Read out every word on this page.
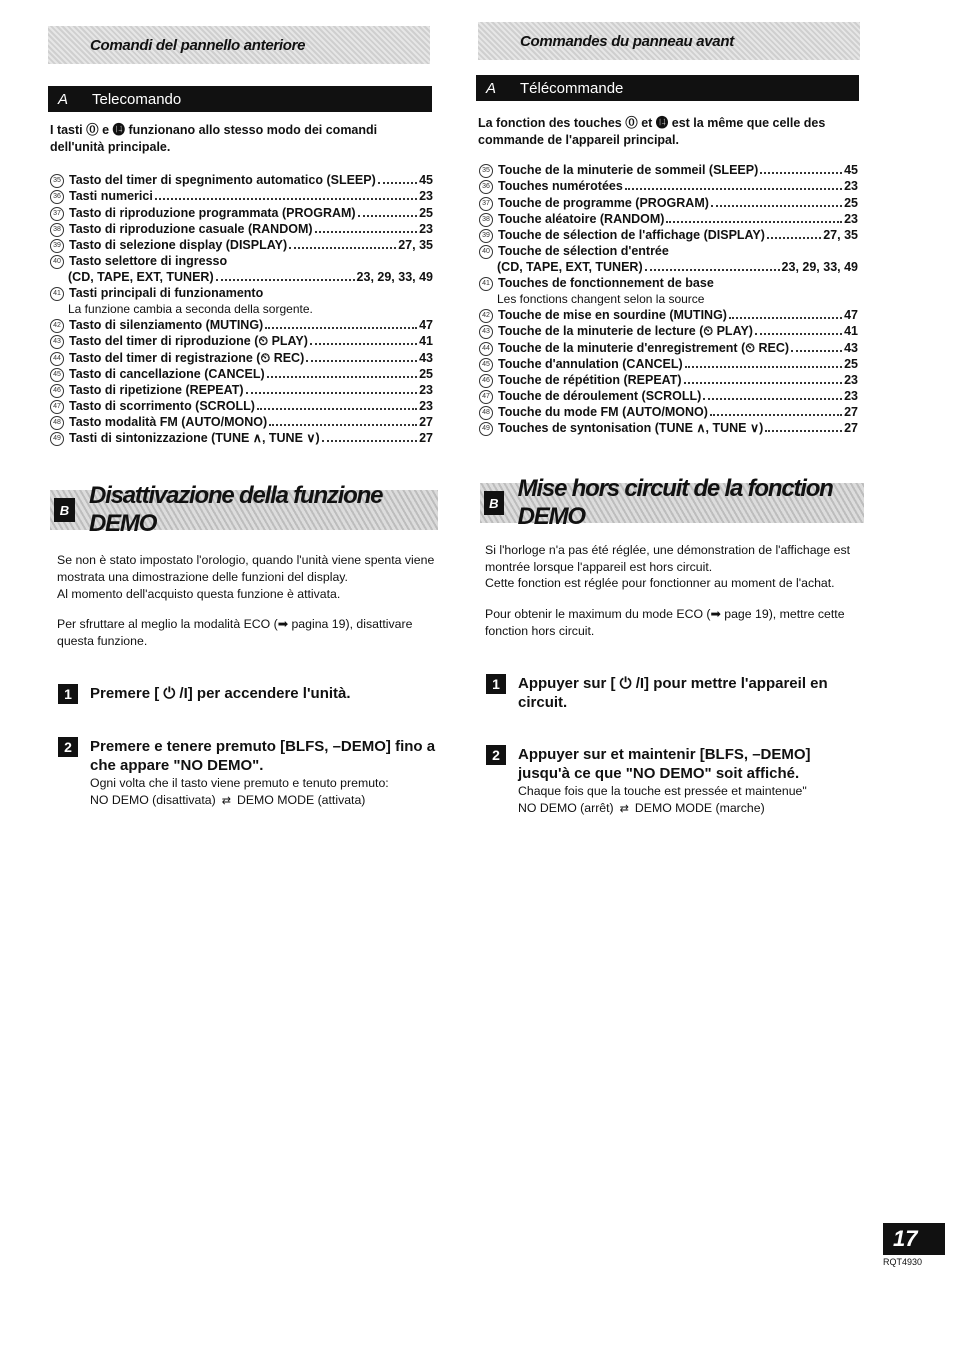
Comandi del pannello anteriore
A	Telecomando
I tasti ⓪ e ⓮ funzionano allo stesso modo dei comandi dell'unità principale.
35 Tasto del timer di spegnimento automatico (SLEEP)	45
36 Tasti numerici	23
37 Tasto di riproduzione programmata (PROGRAM)	25
38 Tasto di riproduzione casuale (RANDOM)	23
39 Tasto di selezione display (DISPLAY)	27, 35
40 Tasto selettore di ingresso
(CD, TAPE, EXT, TUNER)	23, 29, 33, 49
41 Tasti principali di funzionamento
La funzione cambia a seconda della sorgente.
42 Tasto di silenziamento (MUTING)	47
43 Tasto del timer di riproduzione (⏲ PLAY)	41
44 Tasto del timer di registrazione (⏲ REC)	43
45 Tasto di cancellazione (CANCEL)	25
46 Tasto di ripetizione (REPEAT)	23
47 Tasto di scorrimento (SCROLL)	23
48 Tasto modalità FM (AUTO/MONO)	27
49 Tasti di sintonizzazione (TUNE ∧, TUNE ∨)	27
B
Disattivazione della funzione DEMO
Se non è stato impostato l'orologio, quando l'unità viene spenta viene mostrata una dimostrazione delle funzioni del display.
Al momento dell'acquisto questa funzione è attivata.
Per sfruttare al meglio la modalità ECO (➡ pagina 19), disattivare questa funzione.
1	Premere [ ⏻ /I] per accendere l'unità.
2	Premere e tenere premuto [BLFS, –DEMO] fino a che appare "NO DEMO".
Ogni volta che il tasto viene premuto e tenuto premuto:
NO DEMO (disattivata) ⇄ DEMO MODE (attivata)
Commandes du panneau avant
A	Télécommande
La fonction des touches ⓪ et ⓮ est la même que celle des commande de l'appareil principal.
35 Touche de la minuterie de sommeil (SLEEP)	45
36 Touches numérotées	23
37 Touche de programme (PROGRAM)	25
38 Touche aléatoire (RANDOM)	23
39 Touche de sélection de l'affichage (DISPLAY)	27, 35
40 Touche de sélection d'entrée
(CD, TAPE, EXT, TUNER)	23, 29, 33, 49
41 Touches de fonctionnement de base
Les fonctions changent selon la source
42 Touche de mise en sourdine (MUTING)	47
43 Touche de la minuterie de lecture (⏲ PLAY)	41
44 Touche de la minuterie d'enregistrement (⏲ REC)	43
45 Touche d'annulation (CANCEL)	25
46 Touche de répétition (REPEAT)	23
47 Touche de déroulement (SCROLL)	23
48 Touche du mode FM (AUTO/MONO)	27
49 Touches de syntonisation (TUNE ∧, TUNE ∨)	27
B
Mise hors circuit de la fonction DEMO
Si l'horloge n'a pas été réglée, une démonstration de l'affichage est montrée lorsque l'appareil est hors circuit.
Cette fonction est réglée pour fonctionner au moment de l'achat.
Pour obtenir le maximum du mode ECO (➡ page 19), mettre cette fonction hors circuit.
1	Appuyer sur [ ⏻ /I] pour mettre l'appareil en circuit.
2	Appuyer sur et maintenir [BLFS, –DEMO] jusqu'à ce que "NO DEMO" soit affiché.
Chaque fois que la touche est pressée et maintenue"
NO DEMO (arrêt) ⇄ DEMO MODE (marche)
17
RQT4930
